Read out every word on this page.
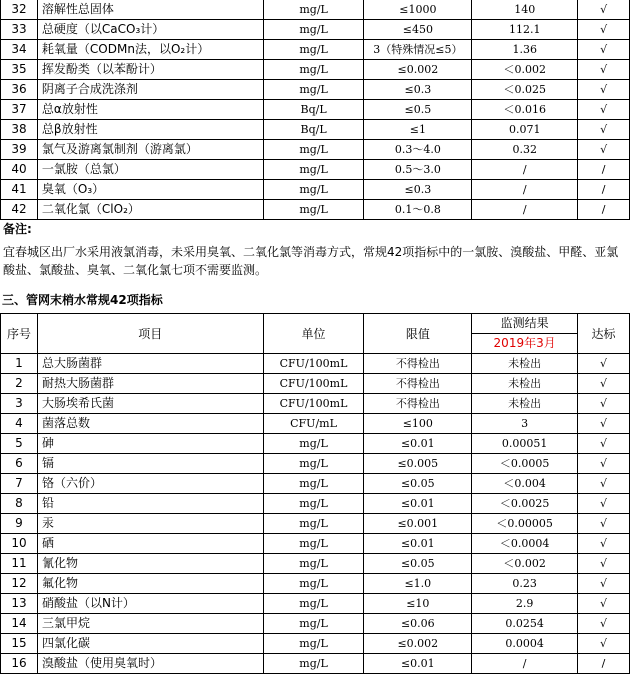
32	溶解性总固体	mg/L	≤1000	140	√
33	总硬度（以CaCO₃计）	mg/L	≤450	112.1	√
34	耗氧量（CODMn法，以O₂计）	mg/L	3（特殊情况≤5）	1.36	√
35	挥发酚类（以苯酚计）	mg/L	≤0.002	＜0.002	√
36	阴离子合成洗涤剂	mg/L	≤0.3	＜0.025	√
37	总α放射性	Bq/L	≤0.5	＜0.016	√
38	总β放射性	Bq/L	≤1	0.071	√
39	氯气及游离氯制剂（游离氯）	mg/L	0.3～4.0	0.32	√
40	一氯胺（总氯）	mg/L	0.5～3.0	/	/
41	臭氧（O₃）	mg/L	≤0.3	/	/
42	二氧化氯（ClO₂）	mg/L	0.1～0.8	/	/
备注:
宜春城区出厂水采用液氯消毒，未采用臭氧、二氧化氯等消毒方式，常规42项指标中的一氯胺、溴酸盐、甲醛、亚氯酸盐、氯酸盐、臭氧、二氧化氯七项不需要监测。
三、管网末梢水常规42项指标
序号	项目	单位	限值	监测结果
2019年3月	达标
1	总大肠菌群	CFU/100mL	不得检出	未检出	√
2	耐热大肠菌群	CFU/100mL	不得检出	未检出	√
3	大肠埃希氏菌	CFU/100mL	不得检出	未检出	√
4	菌落总数	CFU/mL	≤100	3	√
5	砷	mg/L	≤0.01	0.00051	√
6	镉	mg/L	≤0.005	＜0.0005	√
7	铬（六价）	mg/L	≤0.05	＜0.004	√
8	铅	mg/L	≤0.01	＜0.0025	√
9	汞	mg/L	≤0.001	＜0.00005	√
10	硒	mg/L	≤0.01	＜0.0004	√
11	氰化物	mg/L	≤0.05	＜0.002	√
12	氟化物	mg/L	≤1.0	0.23	√
13	硝酸盐（以N计）	mg/L	≤10	2.9	√
14	三氯甲烷	mg/L	≤0.06	0.0254	√
15	四氯化碳	mg/L	≤0.002	0.0004	√
16	溴酸盐（使用臭氧时）	mg/L	≤0.01	/	/
